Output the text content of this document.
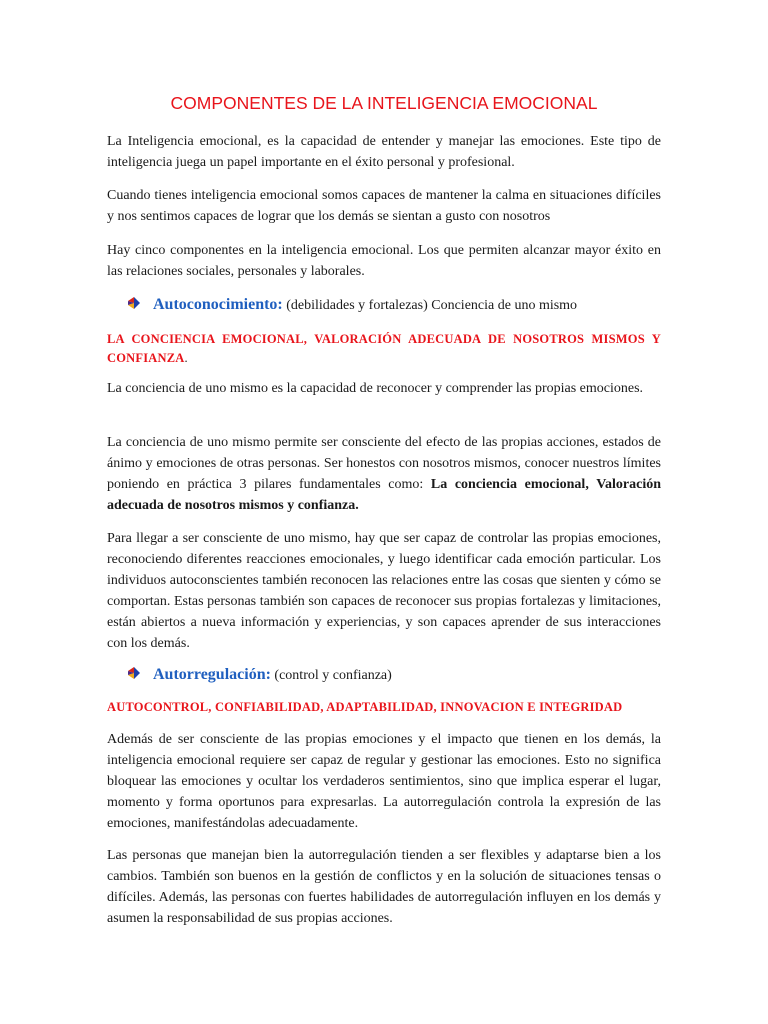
COMPONENTES DE LA INTELIGENCIA EMOCIONAL

La Inteligencia emocional, es la capacidad de entender y manejar las emociones. Este tipo de inteligencia juega un papel importante en el éxito personal y profesional.

Cuando tienes inteligencia emocional somos capaces de mantener la calma en situaciones difíciles y nos sentimos capaces de lograr que los demás se sientan a gusto con nosotros

Hay cinco componentes en la inteligencia emocional. Los que permiten alcanzar mayor éxito en las relaciones sociales, personales y laborales.

Autoconocimiento: (debilidades y fortalezas) Conciencia de uno mismo

LA CONCIENCIA EMOCIONAL, VALORACIÓN ADECUADA DE NOSOTROS MISMOS Y CONFIANZA.

La conciencia de uno mismo es la capacidad de reconocer y comprender las propias emociones.

La conciencia de uno mismo permite ser consciente del efecto de las propias acciones, estados de ánimo y emociones de otras personas. Ser honestos con nosotros mismos, conocer nuestros límites poniendo en práctica 3 pilares fundamentales como: La conciencia emocional, Valoración adecuada de nosotros mismos y confianza.

Para llegar a ser consciente de uno mismo, hay que ser capaz de controlar las propias emociones, reconociendo diferentes reacciones emocionales, y luego identificar cada emoción particular. Los individuos autoconscientes también reconocen las relaciones entre las cosas que sienten y cómo se comportan. Estas personas también son capaces de reconocer sus propias fortalezas y limitaciones, están abiertos a nueva información y experiencias, y son capaces aprender de sus interacciones con los demás.

Autorregulación: (control y confianza)

AUTOCONTROL, CONFIABILIDAD, ADAPTABILIDAD, INNOVACION E INTEGRIDAD

Además de ser consciente de las propias emociones y el impacto que tienen en los demás, la inteligencia emocional requiere ser capaz de regular y gestionar las emociones. Esto no significa bloquear las emociones y ocultar los verdaderos sentimientos, sino que implica esperar el lugar, momento y forma oportunos para expresarlas. La autorregulación controla la expresión de las emociones, manifestándolas adecuadamente.

Las personas que manejan bien la autorregulación tienden a ser flexibles y adaptarse bien a los cambios. También son buenos en la gestión de conflictos y en la solución de situaciones tensas o difíciles. Además, las personas con fuertes habilidades de autorregulación influyen en los demás y asumen la responsabilidad de sus propias acciones.
